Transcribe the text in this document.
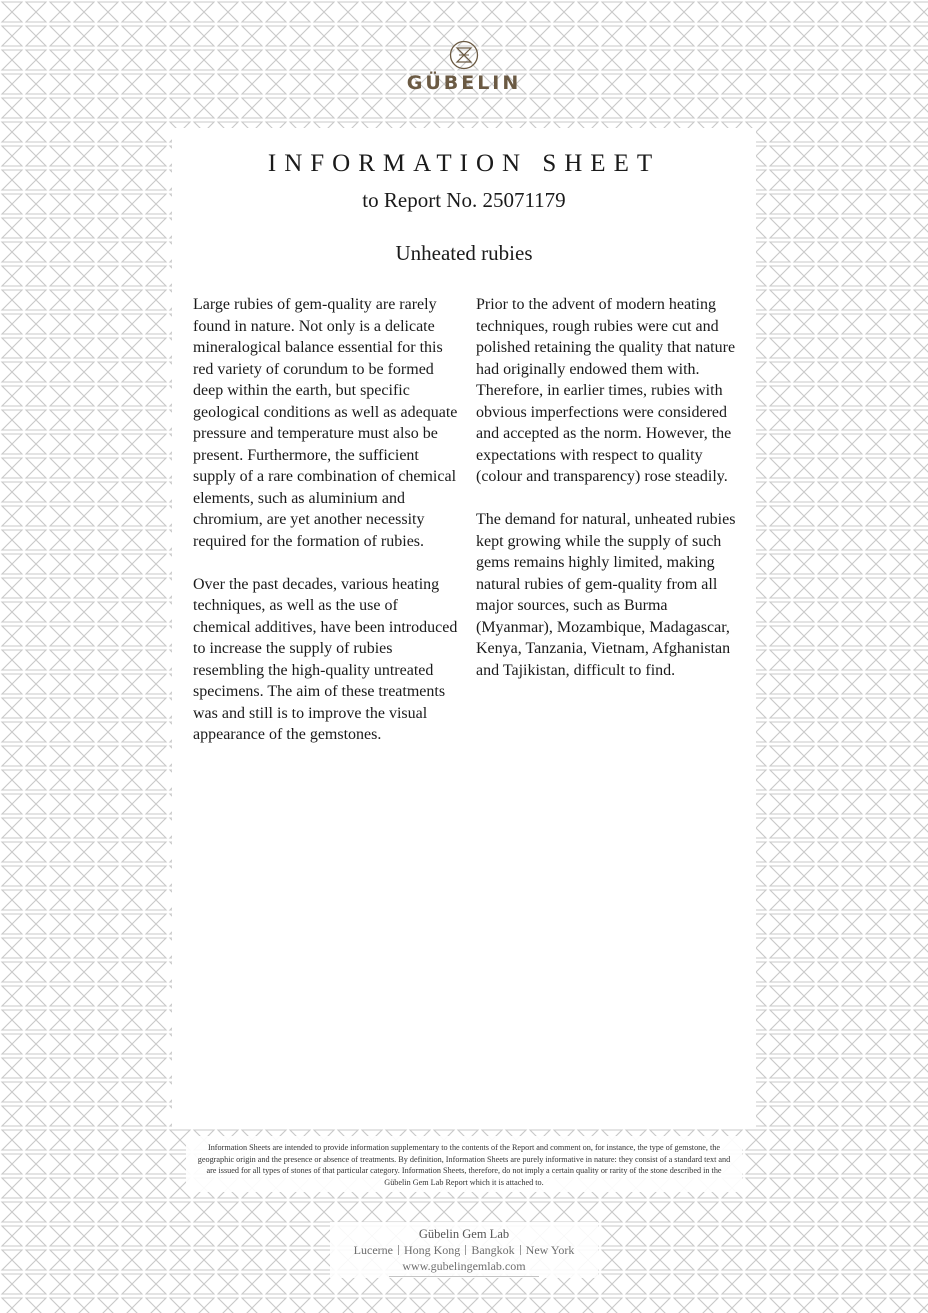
GÜBELIN
INFORMATION SHEET
to Report No. 25071179
Unheated rubies

Large rubies of gem-quality are rarely found in nature. Not only is a delicate mineralogical balance essential for this red variety of corundum to be formed deep within the earth, but specific geological conditions as well as adequate pressure and temperature must also be present. Furthermore, the sufficient supply of a rare combination of chemical elements, such as aluminium and chromium, are yet another necessity required for the formation of rubies.

Over the past decades, various heating techniques, as well as the use of chemical additives, have been introduced to increase the supply of rubies resembling the high-quality untreated specimens. The aim of these treatments was and still is to improve the visual appearance of the gemstones.

Prior to the advent of modern heating techniques, rough rubies were cut and polished retaining the quality that nature had originally endowed them with. Therefore, in earlier times, rubies with obvious imperfections were considered and accepted as the norm. However, the expectations with respect to quality (colour and transparency) rose steadily.

The demand for natural, unheated rubies kept growing while the supply of such gems remains highly limited, making natural rubies of gem-quality from all major sources, such as Burma (Myanmar), Mozambique, Madagascar, Kenya, Tanzania, Vietnam, Afghanistan and Tajikistan, difficult to find.

Information Sheets are intended to provide information supplementary to the contents of the Report and comment on, for instance, the type of gemstone, the geographic origin and the presence or absence of treatments. By definition, Information Sheets are purely informative in nature: they consist of a standard text and are issued for all types of stones of that particular category. Information Sheets, therefore, do not imply a certain quality or rarity of the stone described in the Gübelin Gem Lab Report which it is attached to.
Gübelin Gem Lab
Lucerne Hong Kong Bangkok New York
www.gubelingemlab.com
